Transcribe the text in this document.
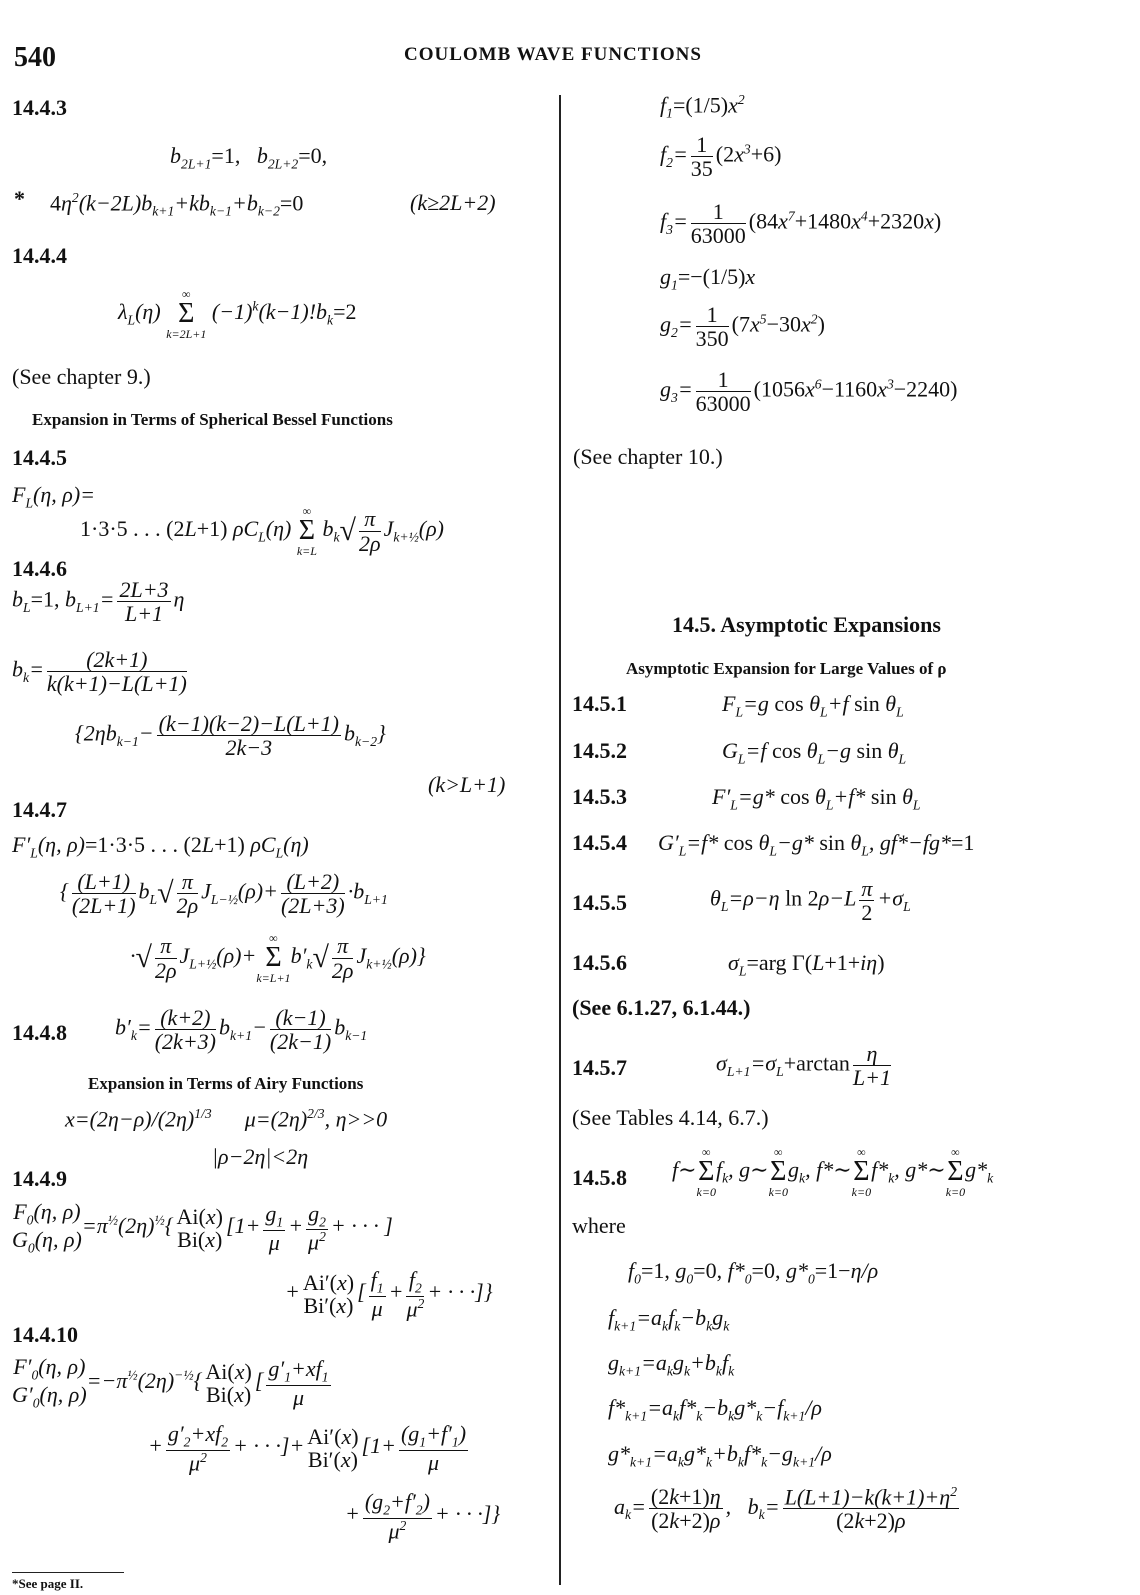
540	COULOMB WAVE FUNCTIONS
14.4.3
$b_{2L+1}=1$,   $b_{2L+2}=0$,
* $4\eta^2(k-2L)b_{k+1}+kb_{k-1}+b_{k-2}=0$	(k≥2L+2)
14.4.4
$\lambda_L(\eta)$
∞
Σ
k=2L+1
$(-1)^k(k-1)!b_k=2$
(See chapter 9.)
Expansion in Terms of Spherical Bessel Functions
14.4.5
$F_L(\eta$, ρ)=
1·3·5 . . . (2L+1) $\rho C_L(\eta)$
∞
Σ
k=L
$b_k√ \frac{\pi}{2\rho} J_{k+\frac{1}{2}}(\rho)$
14.4.6
$b_L=1$, $b_{L+1}= \frac{2L+3}{L+1}$ η
$b_k= \frac{(2k+1)}{k(k+1)-L(L+1)}$
$\{2\eta b_{k-1}- \frac{(k-1)(k-2)-L(L+1)}{2k-3} b_{k-2}\}$
(k>L+1)
14.4.7
$F'_L(\eta$, ρ)=1·3·5 . . . (2L+1) $\rho C_L(\eta)$
{ $\frac{(L+1)}{(2L+1)} b_L√ \frac{\pi}{2\rho} J_{L-\frac{1}{2}}(\rho)+ \frac{(L+2)}{(2L+3)} \cdot b_{L+1}$
·√ $\frac{\pi}{2\rho} J_{L+\frac{1}{2}}(\rho)+$
∞
Σ
k=L+1
$b'_k√ \frac{\pi}{2\rho} J_{k+\frac{1}{2}}(\rho)$}
14.4.8 $b'_k= \frac{(k+2)}{(2k+3)} b_{k+1}- \frac{(k-1)}{(2k-1)} b_{k-1}$
Expansion in Terms of Airy Functions
$x=(2\eta-\rho)/(2\eta)^{1/3}$      $\mu=(2\eta)^{2/3}$, η>>0
|ρ−2η|<2η
14.4.9
$F_0(\eta$, ρ)
$G_0(\eta$, ρ)
$=\pi^{\frac{1}{2}}(2\eta)^{\frac{1}{2}}${ Ai(x)
Bi(x)
[$1+ \frac{g_1}{\mu} + \frac{g_2}{\mu^2}$ + · · · ]
+ Ai′(x)
Bi′(x)
[ $\frac{f_1}{\mu} + \frac{f_2}{\mu^2}$ + · · ·]}
14.4.10
$F'_0(\eta$, ρ)
$G'_0(\eta$, ρ)
$=-\pi^{\frac{1}{2}}(2\eta)^{-\frac{1}{2}}${ Ai(x)
Bi(x)
[ $\frac{g'_1+xf_1}{\mu}$
+ $\frac{g'_2+xf_2}{\mu^2}$ + · · ·]+ Ai′(x)
Bi′(x)
[$1+ \frac{(g_1+f'_1)}{\mu}$
+ $\frac{(g_2+f'_2)}{\mu^2}$ + · · ·]}
*See page II.
$f_1=(1/5)x^2$
$f_2= \frac{1}{35} (2x^3+6)$
$f_3= \frac{1}{63000} (84x^7+1480x^4+2320x)$
$g_1=-(1/5)x$
$g_2= \frac{1}{350} (7x^5-30x^2)$
$g_3= \frac{1}{63000} (1056x^6-1160x^3-2240)$
(See chapter 10.)
14.5. Asymptotic Expansions
Asymptotic Expansion for Large Values of ρ
14.5.1	$F_L=g$ $\cos \theta_L+f$ $\sin \theta_L$
14.5.2	$G_L=f$ $\cos \theta_L-g$ $\sin \theta_L$
14.5.3	$F'_L=g*$ $\cos \theta_L+f*$ $\sin \theta_L$
14.5.4 $G'_L=f*$ $\cos \theta_L-g*$ $\sin \theta_L$, gf*−fg*=1
14.5.5	$\theta_L=\rho-\eta$ $\ln 2\rho-L \frac{\pi}{2} +\sigma_L$
14.5.6	$\sigma_L=arg$ Γ(L+1+iη)
(See 6.1.27, 6.1.44.)
14.5.7	$\sigma_{L+1}=\sigma_L+\arctan \frac{\eta}{L+1}$
(See Tables 4.14, 6.7.)
14.5.8 f∼
∞
Σ
k=0
$f_k$, g∼
∞
Σ
k=0
$g_k$, f*∼
∞
Σ
k=0
$f*_k$, g*∼
∞
Σ
k=0
$g*_k$
where
$f_0=1$, $g_0=0$, $f*_0=0$, $g*_0=1-\eta/\rho$
$f_{k+1}=a_kf_k-b_kg_k$
$g_{k+1}=a_kg_k+b_kf_k$
$f*_{k+1}=a_kf*_k-b_kg*_k-f_{k+1}/\rho$
$g*_{k+1}=a_kg*_k+b_kf*_k-g_{k+1}/\rho$
$a_k= \frac{(2k+1)\eta}{(2k+2)\rho}$ ,   $b_k= \frac{L(L+1)-k(k+1)+\eta^2}{(2k+2)\rho}$
